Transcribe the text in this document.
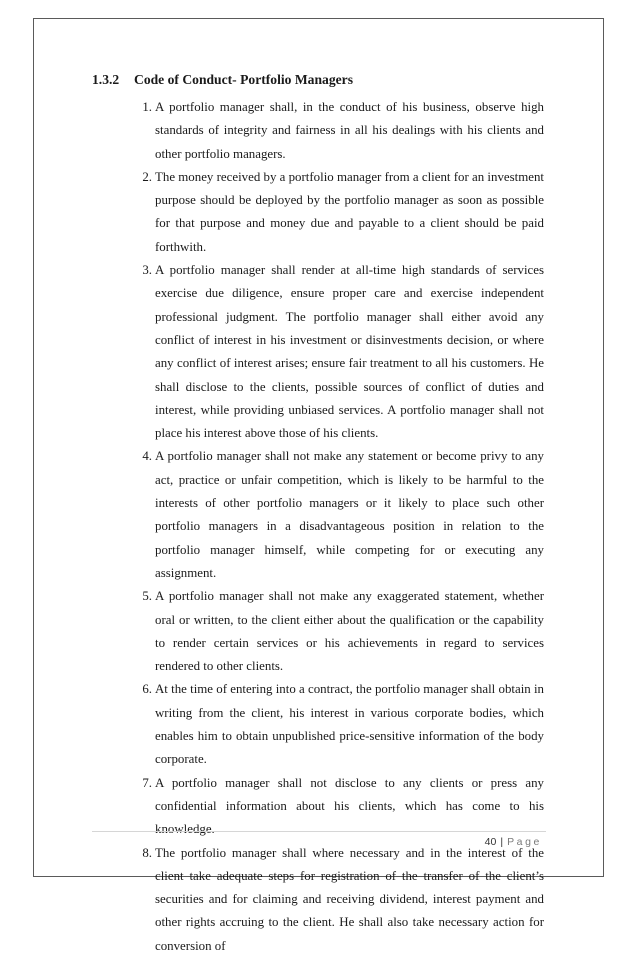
1.3.2 Code of Conduct- Portfolio Managers
1. A portfolio manager shall, in the conduct of his business, observe high standards of integrity and fairness in all his dealings with his clients and other portfolio managers.
2. The money received by a portfolio manager from a client for an investment purpose should be deployed by the portfolio manager as soon as possible for that purpose and money due and payable to a client should be paid forthwith.
3. A portfolio manager shall render at all-time high standards of services exercise due diligence, ensure proper care and exercise independent professional judgment. The portfolio manager shall either avoid any conflict of interest in his investment or disinvestments decision, or where any conflict of interest arises; ensure fair treatment to all his customers. He shall disclose to the clients, possible sources of conflict of duties and interest, while providing unbiased services. A portfolio manager shall not place his interest above those of his clients.
4. A portfolio manager shall not make any statement or become privy to any act, practice or unfair competition, which is likely to be harmful to the interests of other portfolio managers or it likely to place such other portfolio managers in a disadvantageous position in relation to the portfolio manager himself, while competing for or executing any assignment.
5. A portfolio manager shall not make any exaggerated statement, whether oral or written, to the client either about the qualification or the capability to render certain services or his achievements in regard to services rendered to other clients.
6. At the time of entering into a contract, the portfolio manager shall obtain in writing from the client, his interest in various corporate bodies, which enables him to obtain unpublished price-sensitive information of the body corporate.
7. A portfolio manager shall not disclose to any clients or press any confidential information about his clients, which has come to his knowledge.
8. The portfolio manager shall where necessary and in the interest of the client take adequate steps for registration of the transfer of the client’s securities and for claiming and receiving dividend, interest payment and other rights accruing to the client. He shall also take necessary action for conversion of
40 | Page
